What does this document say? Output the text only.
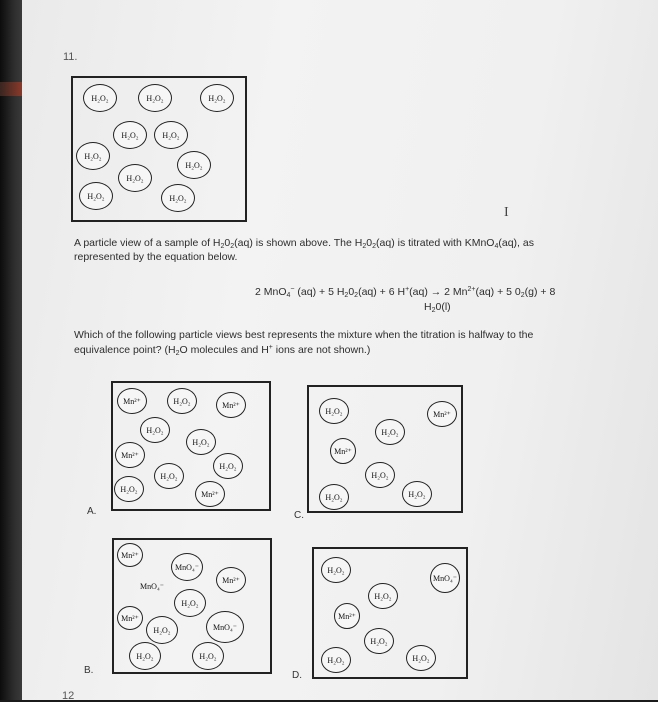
11.
H₂O₂	H₂O₂	H₂O₂
H₂O₂	H₂O₂
H₂O₂
H₂O₂
H₂O₂
H₂O₂	H₂O₂
I
A particle view of a sample of H202(aq) is shown above. The H202(aq) is titrated with KMnO4(aq), as
represented by the equation below.
2 MnO4− (aq) + 5 H202(aq) + 6 H+(aq) → 2 $Mn^{2+}(aq) + 5$ 02(g) + 8
H20(l)
Which of the following particle views best represents the mixture when the titration is halfway to the
equivalence point? (H2O molecules and H+ ions are not shown.)
Mn²⁺	H₂O₂	Mn²⁺
H₂O₂
H₂O₂
Mn²⁺
H₂O₂
H₂O₂
H₂O₂
Mn²⁺
A.
H₂O₂	Mn²⁺
H₂O₂
Mn²⁺
H₂O₂
H₂O₂	H₂O₂
C.
Mn²⁺
MnO₄⁻
Mn²⁺
MnO₄⁻
H₂O₂
Mn²⁺
H₂O₂	MnO₄⁻
H₂O₂	H₂O₂
B.
H₂O₂
MnO₄⁻
H₂O₂
Mn²⁺
H₂O₂
H₂O₂	H₂O₂
D.
12
